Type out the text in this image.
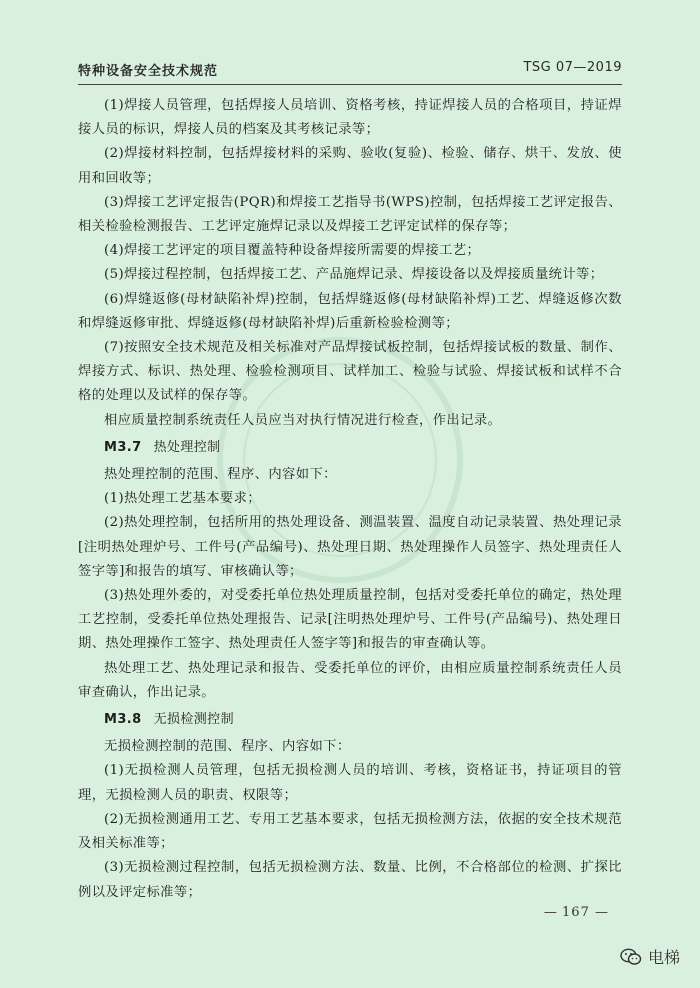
特种设备安全技术规范	TSG 07—2019

(1)焊接人员管理，包括焊接人员培训、资格考核，持证焊接人员的合格项目，持证焊接人员的标识，焊接人员的档案及其考核记录等；

(2)焊接材料控制，包括焊接材料的采购、验收(复验)、检验、储存、烘干、发放、使用和回收等；

(3)焊接工艺评定报告(PQR)和焊接工艺指导书(WPS)控制，包括焊接工艺评定报告、相关检验检测报告、工艺评定施焊记录以及焊接工艺评定试样的保存等；

(4)焊接工艺评定的项目覆盖特种设备焊接所需要的焊接工艺；

(5)焊接过程控制，包括焊接工艺、产品施焊记录、焊接设备以及焊接质量统计等；

(6)焊缝返修(母材缺陷补焊)控制，包括焊缝返修(母材缺陷补焊)工艺、焊缝返修次数和焊缝返修审批、焊缝返修(母材缺陷补焊)后重新检验检测等；

(7)按照安全技术规范及相关标准对产品焊接试板控制，包括焊接试板的数量、制作、焊接方式、标识、热处理、检验检测项目、试样加工、检验与试验、焊接试板和试样不合格的处理以及试样的保存等。

相应质量控制系统责任人员应当对执行情况进行检查，作出记录。

M3.7 热处理控制

热处理控制的范围、程序、内容如下：

(1)热处理工艺基本要求；

(2)热处理控制，包括所用的热处理设备、测温装置、温度自动记录装置、热处理记录[注明热处理炉号、工件号(产品编号)、热处理日期、热处理操作人员签字、热处理责任人签字等]和报告的填写、审核确认等；

(3)热处理外委的，对受委托单位热处理质量控制，包括对受委托单位的确定，热处理工艺控制，受委托单位热处理报告、记录[注明热处理炉号、工件号(产品编号)、热处理日期、热处理操作工签字、热处理责任人签字等]和报告的审查确认等。

热处理工艺、热处理记录和报告、受委托单位的评价，由相应质量控制系统责任人员审查确认，作出记录。

M3.8 无损检测控制

无损检测控制的范围、程序、内容如下：

(1)无损检测人员管理，包括无损检测人员的培训、考核，资格证书，持证项目的管理，无损检测人员的职责、权限等；

(2)无损检测通用工艺、专用工艺基本要求，包括无损检测方法，依据的安全技术规范及相关标准等；

(3)无损检测过程控制，包括无损检测方法、数量、比例，不合格部位的检测、扩探比例以及评定标准等；

— 167 —
电梯
